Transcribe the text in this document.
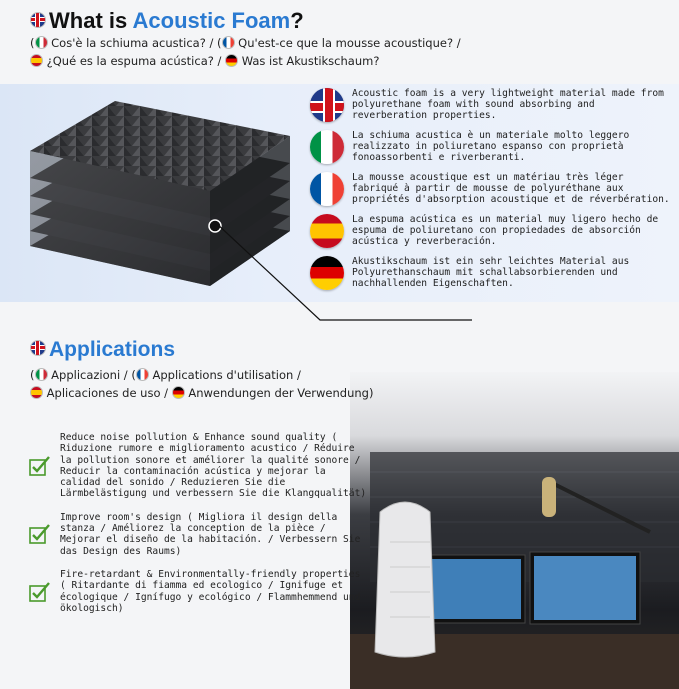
What is Acoustic Foam?
( Cos'è la schiuma acustica? / ( Qu'est-ce que la mousse acoustique? /
¿Qué es la espuma acústica? / Was ist Akustikschaum?
Acoustic foam is a very lightweight material made from polyurethane foam with sound absorbing and reverberation properties.
La schiuma acustica è un materiale molto leggero realizzato in poliuretano espanso con proprietà fonoassorbenti e riverberanti.
La mousse acoustique est un matériau très léger fabriqué à partir de mousse de polyuréthane aux propriétés d'absorption acoustique et de réverbération.
La espuma acústica es un material muy ligero hecho de espuma de poliuretano con propiedades de absorción acústica y reverberación.
Akustikschaum ist ein sehr leichtes Material aus Polyurethanschaum mit schallabsorbierenden und nachhallenden Eigenschaften.
Applications
( Applicazioni / ( Applications d'utilisation /
Aplicaciones de uso / Anwendungen der Verwendung)
Reduce noise pollution & Enhance sound quality ( Riduzione rumore e miglioramento acustico / Réduire la pollution sonore et améliorer la qualité sonore / Reducir la contaminación acústica y mejorar la calidad del sonido / Reduzieren Sie die Lärmbelästigung und verbessern Sie die Klangqualität)
Improve room's design ( Migliora il design della stanza / Améliorez la conception de la pièce / Mejorar el diseño de la habitación. / Verbessern Sie das Design des Raums)
Fire-retardant & Environmentally-friendly properties ( Ritardante di fiamma ed ecologico / Ignifuge et écologique / Ignífugo y ecológico / Flammhemmend und ökologisch)
